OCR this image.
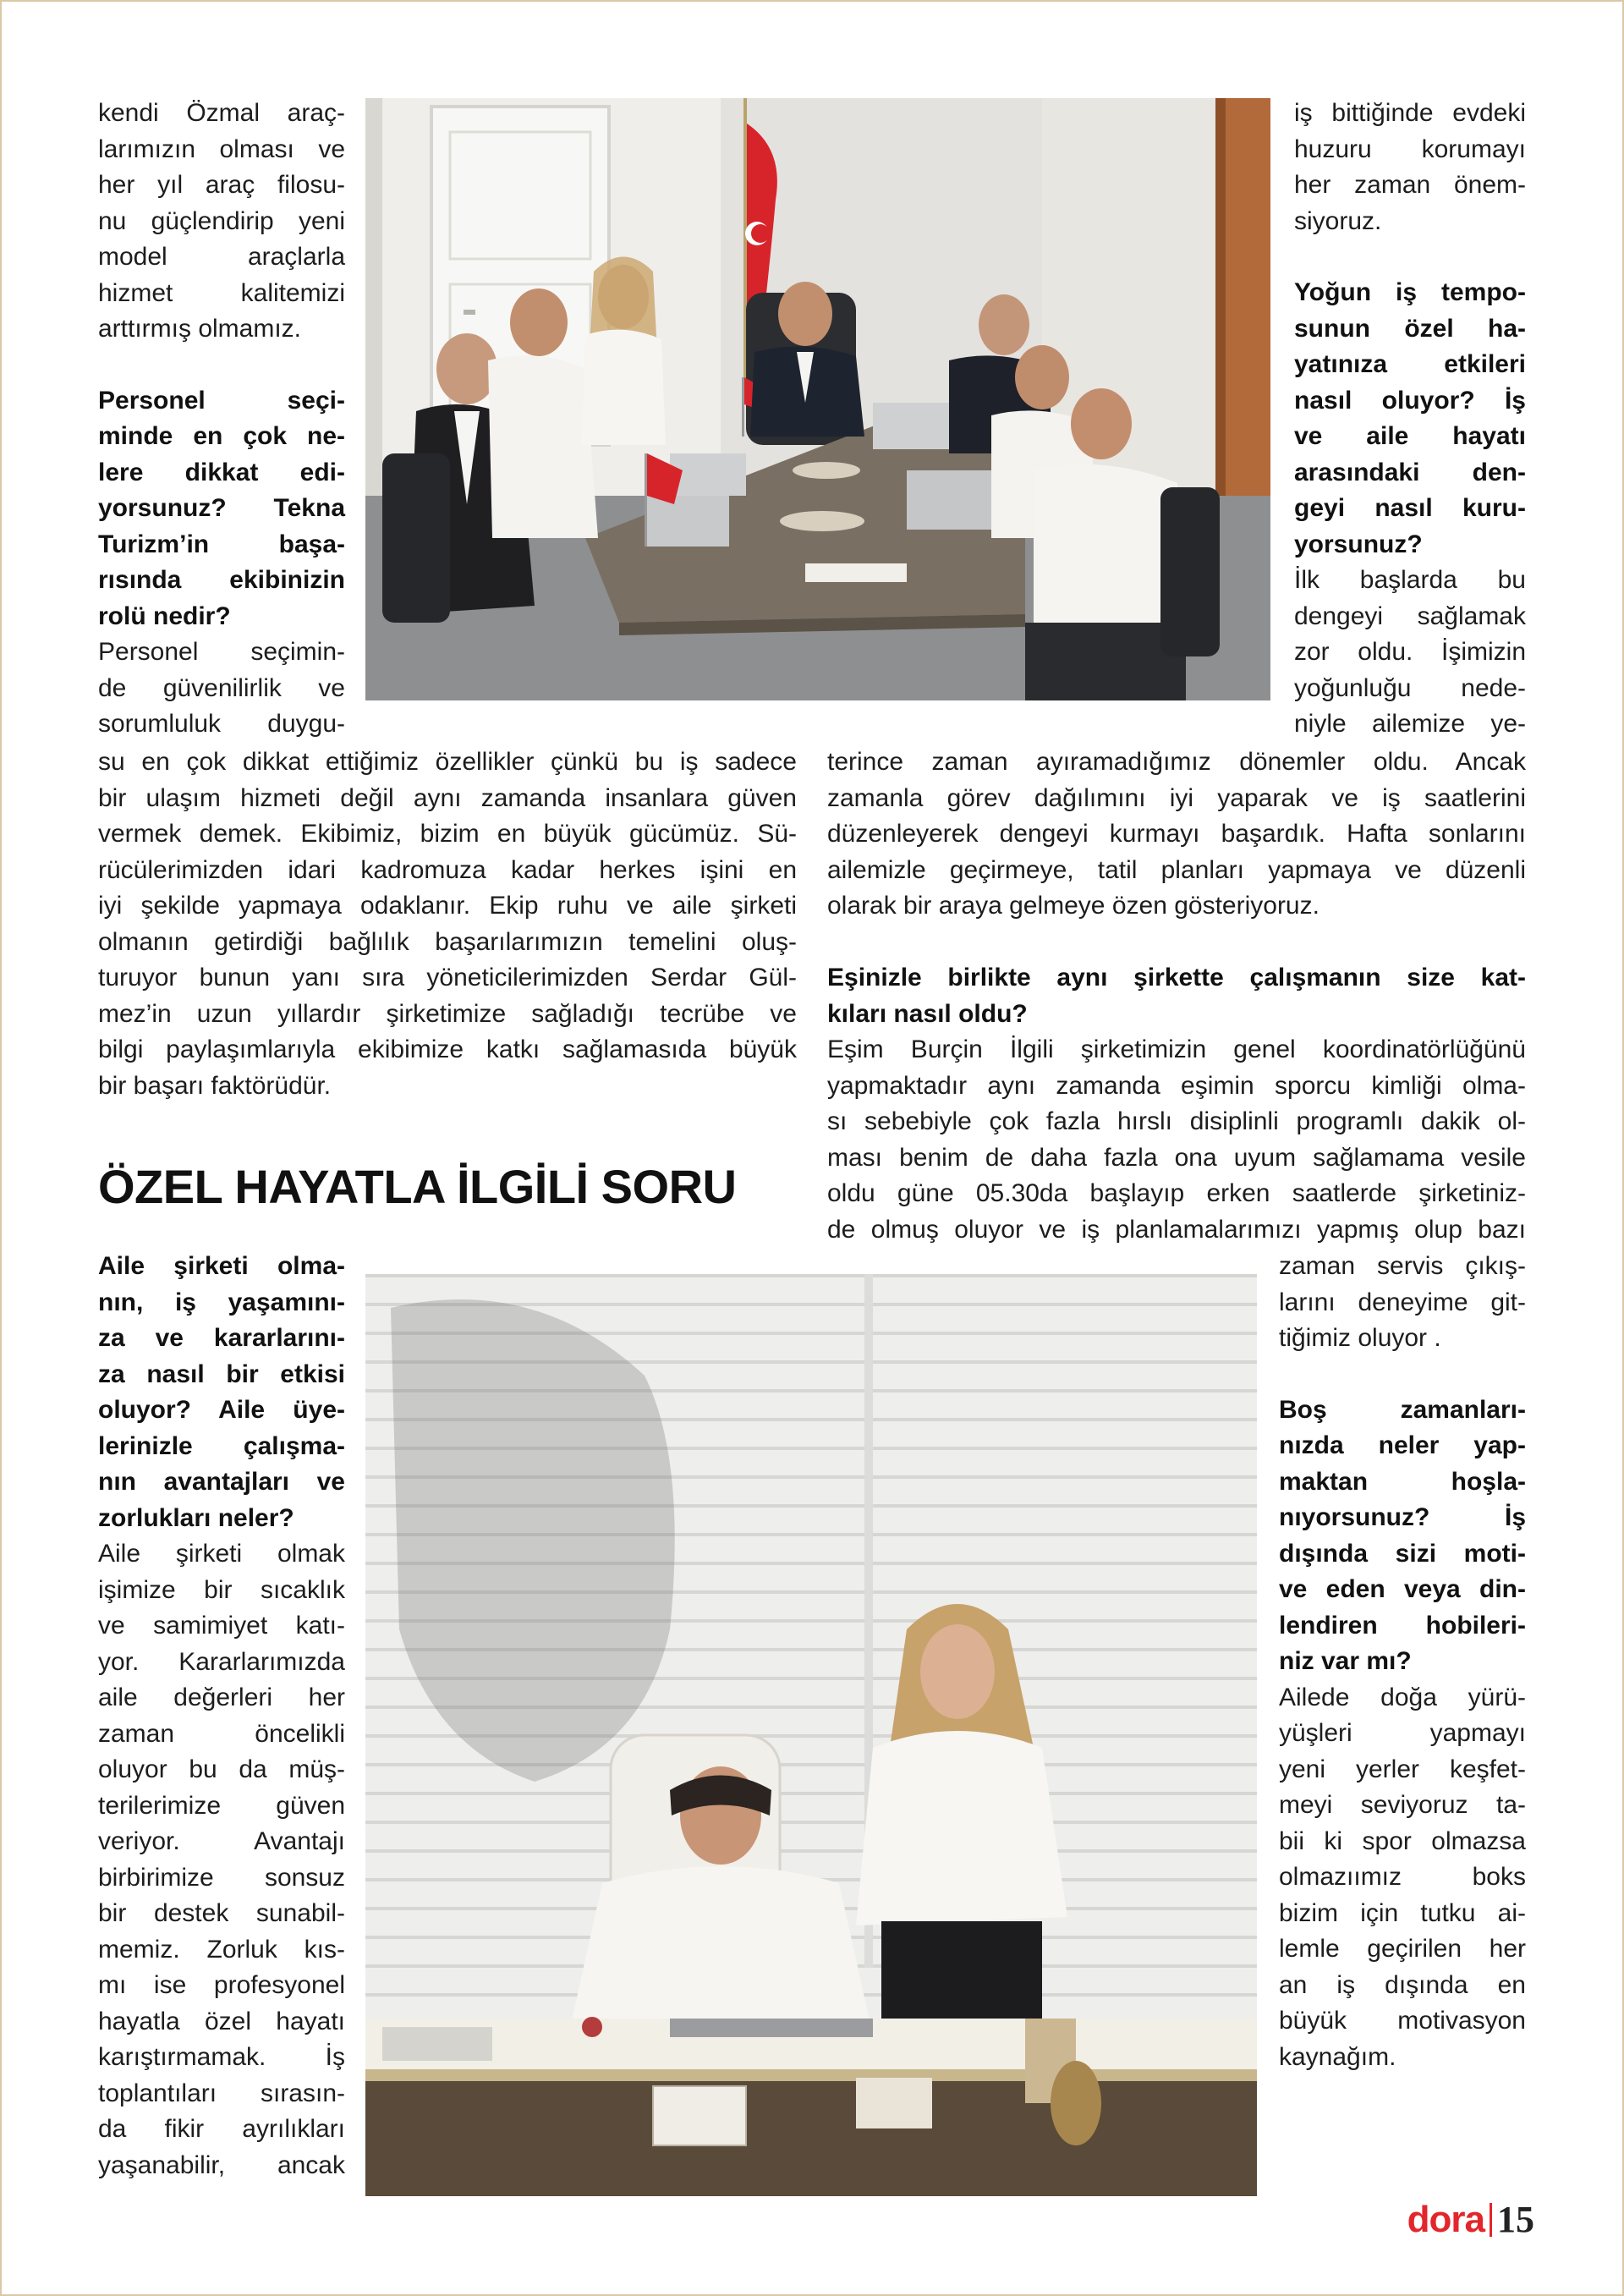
kendi Özmal araç-

larımızın olması ve

her yıl araç filosu-

nu güçlendirip yeni

model araçlarla

hizmet kalitemizi

arttırmış olmamız.

Personel seçi-

minde en çok ne-

lere dikkat edi-

yorsunuz? Tekna

Turizm’in başa-

rısında ekibinizin

rolü nedir?

Personel seçimin-

de güvenilirlik ve

sorumluluk duygu-

iş bittiğinde evdeki

huzuru korumayı

her zaman önem-

siyoruz.

Yoğun iş tempo-

sunun özel ha-

yatınıza etkileri

nasıl oluyor? İş

ve aile hayatı

arasındaki den-

geyi nasıl kuru-

yorsunuz?

İlk başlarda bu

dengeyi sağlamak

zor oldu. İşimizin

yoğunluğu nede-

niyle ailemize ye-

su en çok dikkat ettiğimiz özellikler çünkü bu iş sadece

bir ulaşım hizmeti değil aynı zamanda insanlara güven

vermek demek. Ekibimiz, bizim en büyük gücümüz. Sü-

rücülerimizden idari kadromuza kadar herkes işini en

iyi şekilde yapmaya odaklanır. Ekip ruhu ve aile şirketi

olmanın getirdiği bağlılık başarılarımızın temelini oluş-

turuyor bunun yanı sıra yöneticilerimizden Serdar Gül-

mez’in uzun yıllardır şirketimize sağladığı tecrübe ve

bilgi paylaşımlarıyla ekibimize katkı sağlamasıda büyük

bir başarı faktörüdür.

terince zaman ayıramadığımız dönemler oldu. Ancak

zamanla görev dağılımını iyi yaparak ve iş saatlerini

düzenleyerek dengeyi kurmayı başardık. Hafta sonlarını

ailemizle geçirmeye, tatil planları yapmaya ve düzenli

olarak bir araya gelmeye özen gösteriyoruz.

Eşinizle birlikte aynı şirkette çalışmanın size kat-

kıları nasıl oldu?

Eşim Burçin İlgili şirketimizin genel koordinatörlüğünü

yapmaktadır aynı zamanda eşimin sporcu kimliği olma-

sı sebebiyle çok fazla hırslı disiplinli programlı dakik ol-

ması benim de daha fazla ona uyum sağlamama vesile

oldu güne 05.30da başlayıp erken saatlerde şirketiniz-

de olmuş oluyor ve iş planlamalarımızı yapmış olup bazı

ÖZEL HAYATLA İLGİLİ SORU

Aile şirketi olma-

nın, iş yaşamını-

za ve kararlarını-

za nasıl bir etkisi

oluyor? Aile üye-

lerinizle çalışma-

nın avantajları ve

zorlukları neler?

Aile şirketi olmak

işimize bir sıcaklık

ve samimiyet katı-

yor. Kararlarımızda

aile değerleri her

zaman öncelikli

oluyor bu da müş-

terilerimize güven

veriyor. Avantajı

birbirimize sonsuz

bir destek sunabil-

memiz. Zorluk kıs-

mı ise profesyonel

hayatla özel hayatı

karıştırmamak. İş

toplantıları sırasın-

da fikir ayrılıkları

yaşanabilir, ancak

zaman servis çıkış-

larını deneyime git-

tiğimiz oluyor .

Boş zamanları-

nızda neler yap-

maktan hoşla-

nıyorsunuz? İş

dışında sizi moti-

ve eden veya din-

lendiren hobileri-

niz var mı?

Ailede doğa yürü-

yüşleri yapmayı

yeni yerler keşfet-

meyi seviyoruz ta-

bii ki spor olmazsa

olmazıımız boks

bizim için tutku ai-

lemle geçirilen her

an iş dışında en

büyük motivasyon

kaynağım.

dora 15
